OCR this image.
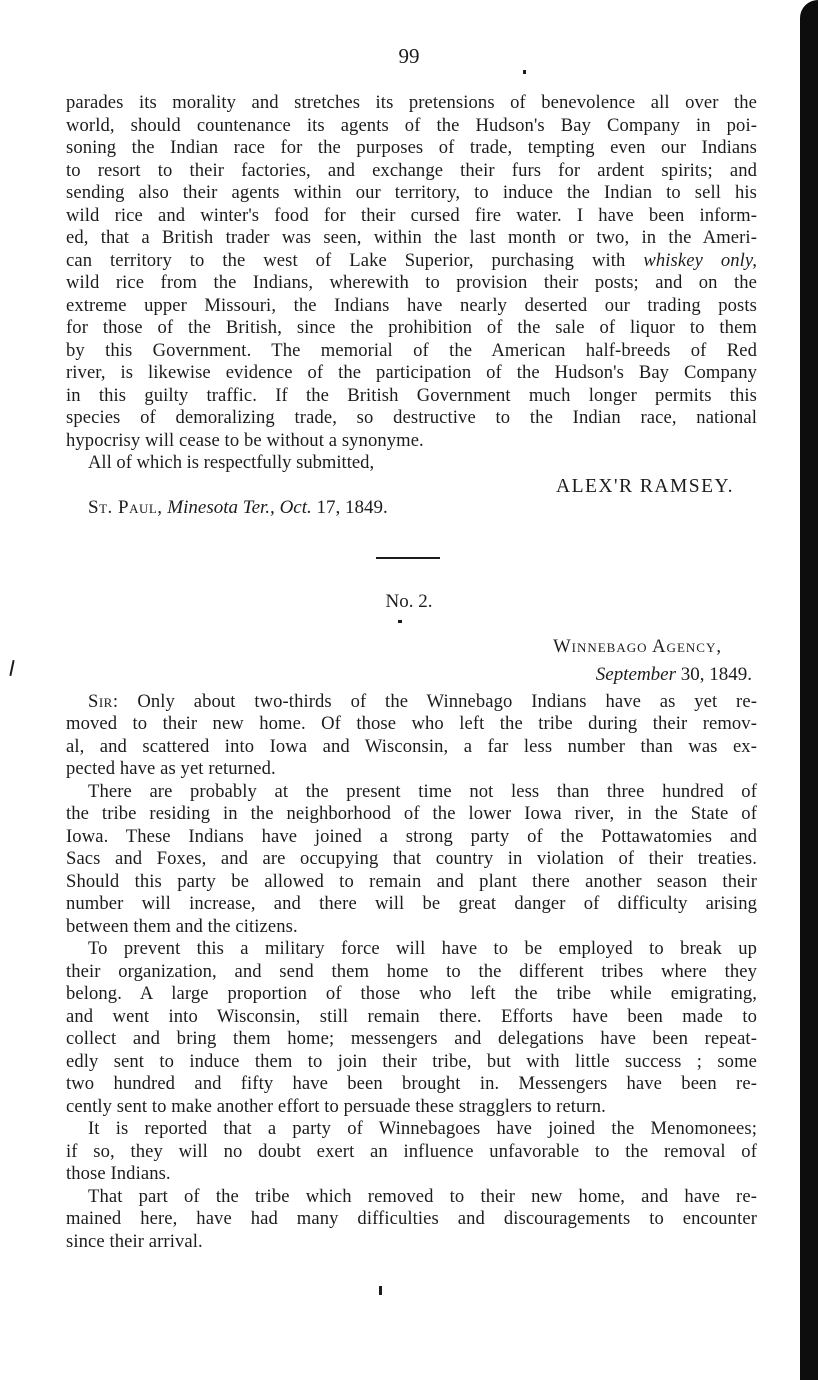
99
parades its morality and stretches its pretensions of benevolence all over the
world, should countenance its agents of the Hudson's Bay Company in poi-
soning the Indian race for the purposes of trade, tempting even our Indians
to resort to their factories, and exchange their furs for ardent spirits; and
sending also their agents within our territory, to induce the Indian to sell his
wild rice and winter's food for their cursed fire water. I have been inform-
ed, that a British trader was seen, within the last month or two, in the Ameri-
can territory to the west of Lake Superior, purchasing with whiskey only,
wild rice from the Indians, wherewith to provision their posts; and on the
extreme upper Missouri, the Indians have nearly deserted our trading posts
for those of the British, since the prohibition of the sale of liquor to them
by this Government. The memorial of the American half-breeds of Red
river, is likewise evidence of the participation of the Hudson's Bay Company
in this guilty traffic. If the British Government much longer permits this
species of demoralizing trade, so destructive to the Indian race, national
hypocrisy will cease to be without a synonyme.
All of which is respectfully submitted,
ALEX'R RAMSEY.
St. Paul, Minesota Ter., Oct. 17, 1849.
No. 2.
Winnebago Agency,
September 30, 1849.
Sir: Only about two-thirds of the Winnebago Indians have as yet re-
moved to their new home. Of those who left the tribe during their remov-
al, and scattered into Iowa and Wisconsin, a far less number than was ex-
pected have as yet returned.
There are probably at the present time not less than three hundred of
the tribe residing in the neighborhood of the lower Iowa river, in the State of
Iowa. These Indians have joined a strong party of the Pottawatomies and
Sacs and Foxes, and are occupying that country in violation of their treaties.
Should this party be allowed to remain and plant there another season their
number will increase, and there will be great danger of difficulty arising
between them and the citizens.
To prevent this a military force will have to be employed to break up
their organization, and send them home to the different tribes where they
belong. A large proportion of those who left the tribe while emigrating,
and went into Wisconsin, still remain there. Efforts have been made to
collect and bring them home; messengers and delegations have been repeat-
edly sent to induce them to join their tribe, but with little success ; some
two hundred and fifty have been brought in. Messengers have been re-
cently sent to make another effort to persuade these stragglers to return.
It is reported that a party of Winnebagoes have joined the Menomonees;
if so, they will no doubt exert an influence unfavorable to the removal of
those Indians.
That part of the tribe which removed to their new home, and have re-
mained here, have had many difficulties and discouragements to encounter
since their arrival.
